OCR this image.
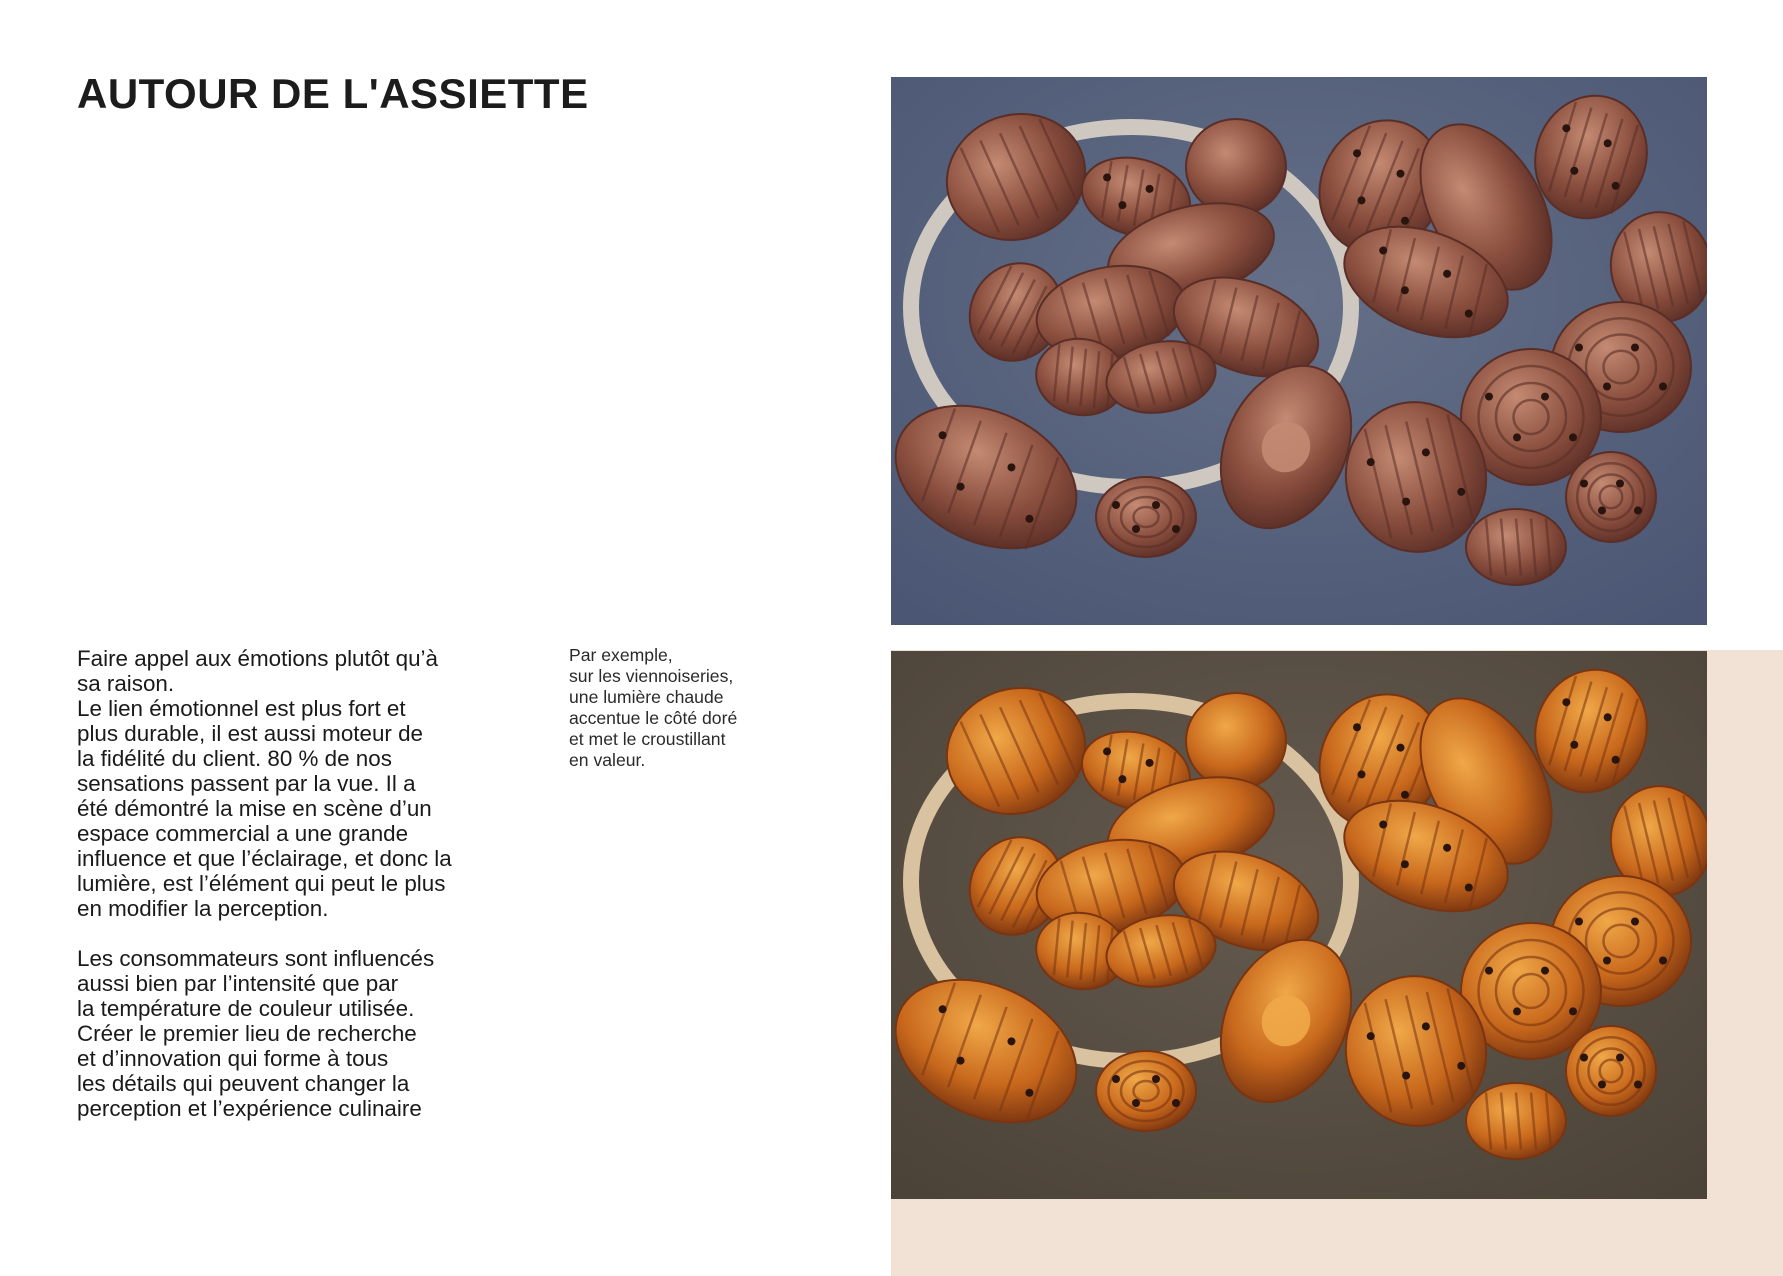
AUTOUR DE L'ASSIETTE
Faire appel aux émotions plutôt qu’à
sa raison.
Le lien émotionnel est plus fort et
plus durable, il est aussi moteur de
la fidélité du client. 80 % de nos
sensations passent par la vue. Il a
été démontré la mise en scène d’un
espace commercial a une grande
influence et que l’éclairage, et donc la
lumière, est l’élément qui peut le plus
en modifier la perception.
Les consommateurs sont influencés
aussi bien par l’intensité que par
la température de couleur utilisée.
Créer le premier lieu de recherche
et d’innovation qui forme à tous
les détails qui peuvent changer la
perception et l’expérience culinaire
Par exemple,
sur les viennoiseries,
une lumière chaude
accentue le côté doré
et met le croustillant
en valeur.
